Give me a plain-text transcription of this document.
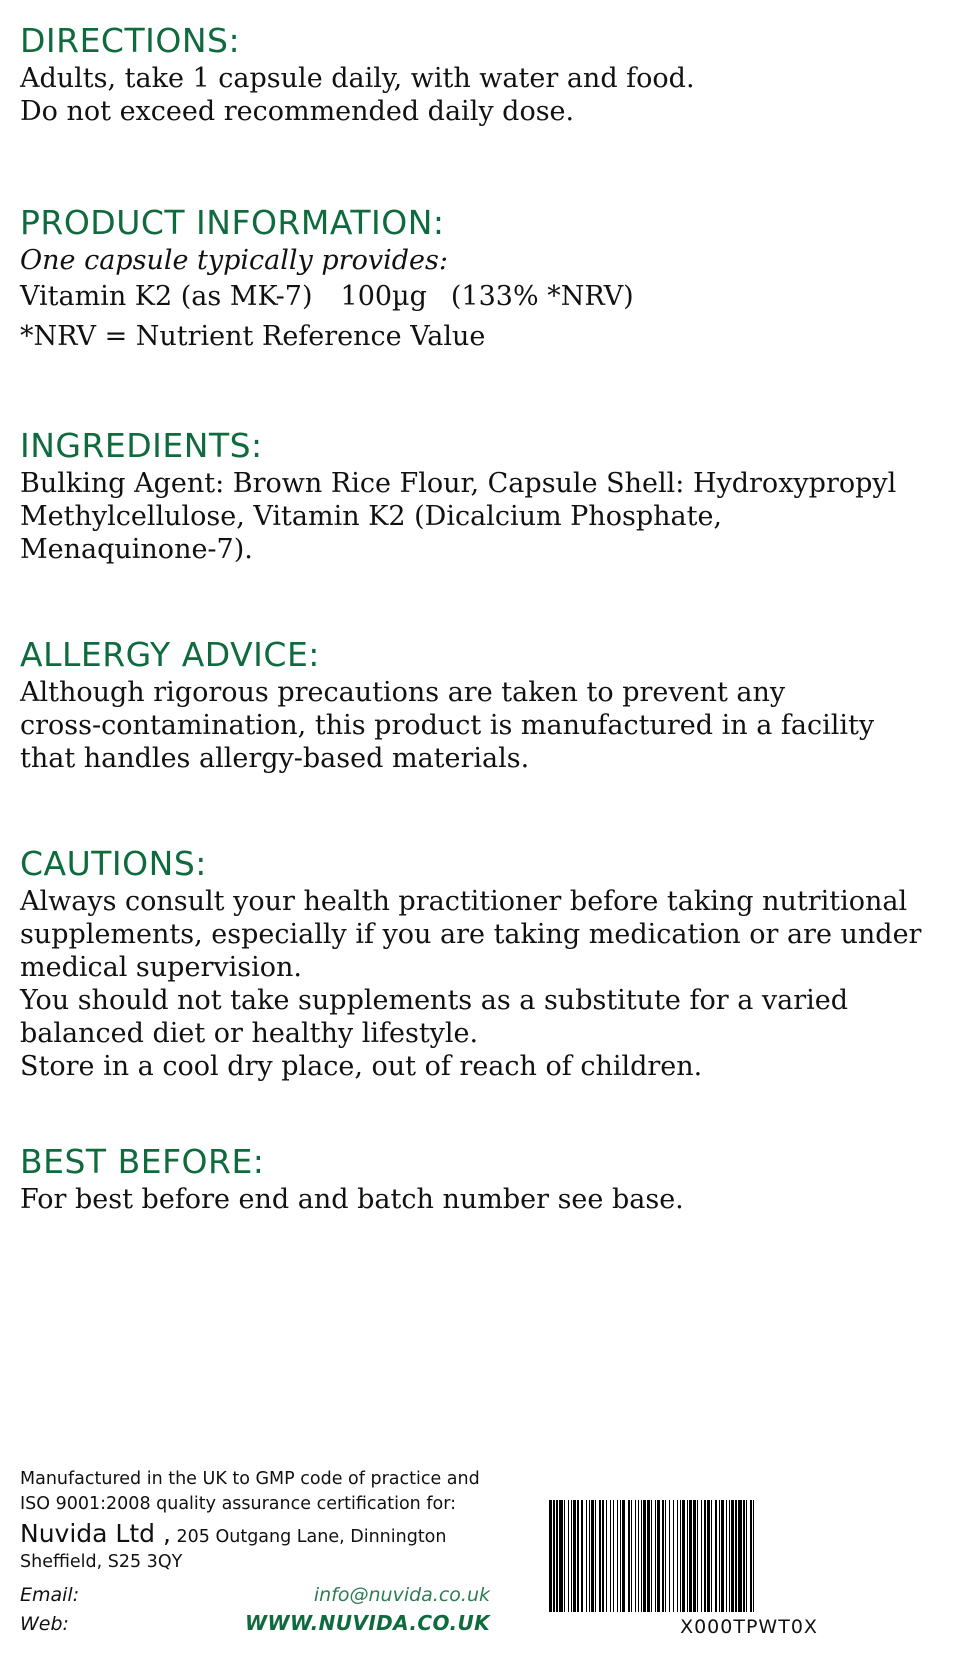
DIRECTIONS:

Adults, take 1 capsule daily, with water and food.

Do not exceed recommended daily dose.

PRODUCT INFORMATION:

One capsule typically provides:

Vitamin K2 (as MK-7) 100µg (133% *NRV)

*NRV = Nutrient Reference Value

INGREDIENTS:

Bulking Agent: Brown Rice Flour, Capsule Shell: Hydroxypropyl

Methylcellulose, Vitamin K2 (Dicalcium Phosphate,

Menaquinone-7).

ALLERGY ADVICE:

Although rigorous precautions are taken to prevent any

cross-contamination, this product is manufactured in a facility

that handles allergy-based materials.

CAUTIONS:

Always consult your health practitioner before taking nutritional

supplements, especially if you are taking medication or are under

medical supervision.

You should not take supplements as a substitute for a varied

balanced diet or healthy lifestyle.

Store in a cool dry place, out of reach of children.

BEST BEFORE:

For best before end and batch number see base.

Manufactured in the UK to GMP code of practice and
ISO 9001:2008 quality assurance certification for:
Nuvida Ltd , 205 Outgang Lane, Dinnington
Sheffield, S25 3QY
Email:	info@nuvida.co.uk
Web:	WWW.NUVIDA.CO.UK	X000TPWT0X
